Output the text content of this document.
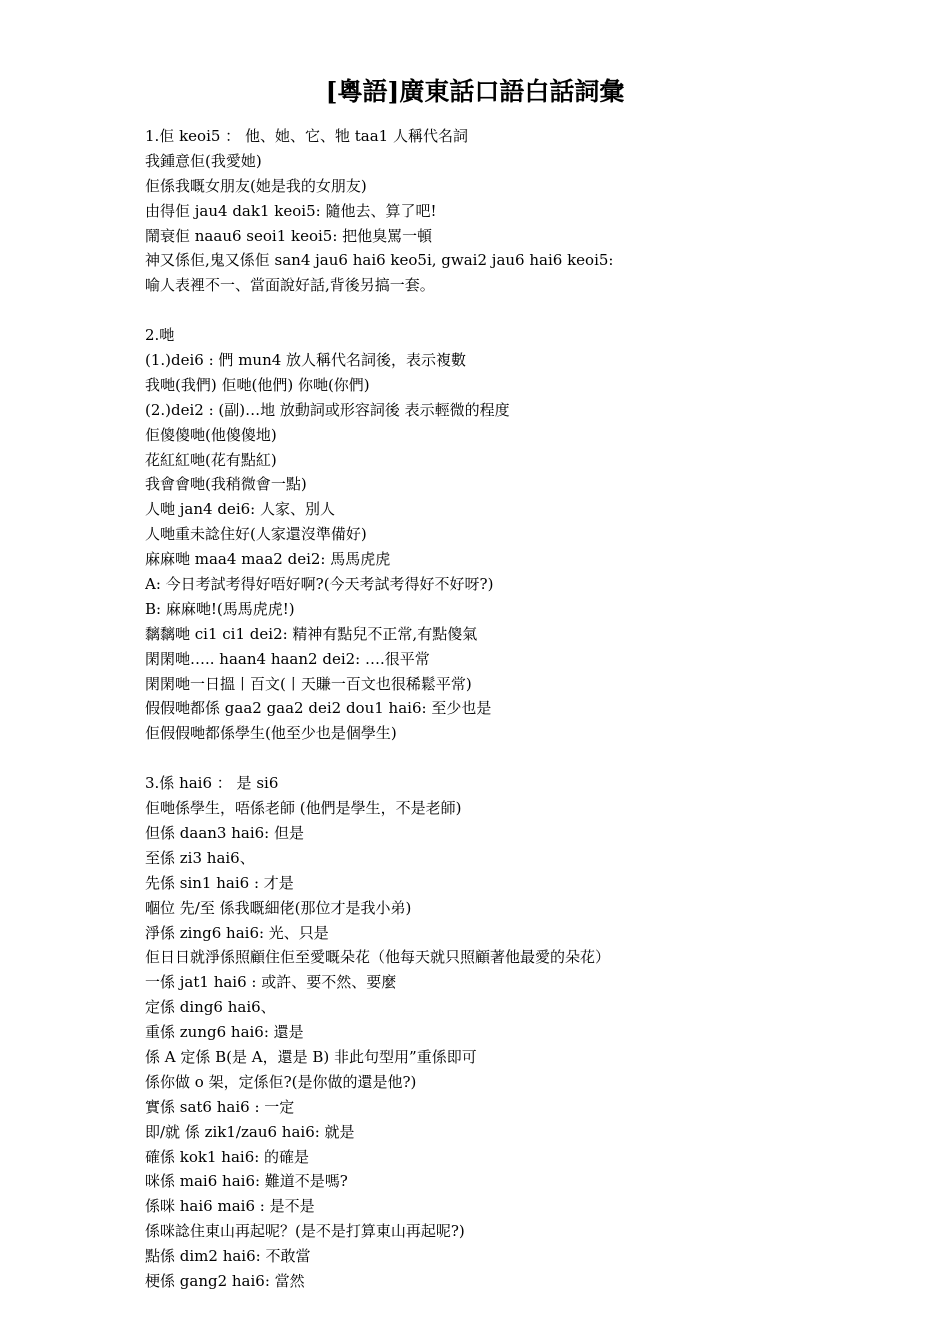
[粵語]廣東話口語白話詞彙
1.佢 keoi5 ： 他、她、它、牠 taa1 人稱代名詞
我鍾意佢(我愛她)
佢係我嘅女朋友(她是我的女朋友)
由得佢 jau4 dak1 keoi5: 隨他去、算了吧!
鬧衰佢 naau6 seoi1 keoi5: 把他臭罵一頓
神又係佢,鬼又係佢 san4 jau6 hai6 keo5i, gwai2 jau6 hai6 keoi5:
喻人表裡不一、當面說好話,背後另搞一套。
2.哋
(1.)dei6 : 們 mun4 放人稱代名詞後，表示複數
我哋(我們) 佢哋(他們) 你哋(你們)
(2.)dei2 : (副)…地 放動詞或形容詞後 表示輕微的程度
佢傻傻哋(他傻傻地)
花紅紅哋(花有點紅)
我會會哋(我稍微會一點)
人哋 jan4 dei6: 人家、別人
人哋重未諗住好(人家還沒準備好)
麻麻哋 maa4 maa2 dei2: 馬馬虎虎
A: 今日考試考得好唔好啊?(今天考試考得好不好呀?)
B: 麻麻哋!(馬馬虎虎!)
黐黐哋 ci1 ci1 dei2: 精神有點兒不正常,有點傻氣
閑閑哋….. haan4 haan2 dei2: ….很平常
閑閑哋一日搵丨百文(丨天賺一百文也很稀鬆平常)
假假哋都係 gaa2 gaa2 dei2 dou1 hai6: 至少也是
佢假假哋都係學生(他至少也是個學生)
3.係 hai6 ： 是 si6
佢哋係學生，唔係老師 (他們是學生，不是老師)
但係 daan3 hai6: 但是
至係 zi3 hai6、
先係 sin1 hai6 : 才是
嗰位 先/至 係我嘅細佬(那位才是我小弟)
淨係 zing6 hai6: 光、只是
佢日日就淨係照顧住佢至愛嘅朵花（他每天就只照顧著他最愛的朵花）
一係 jat1 hai6 : 或許、要不然、要麼
定係 ding6 hai6、
重係 zung6 hai6: 還是
係 A 定係 B(是 A，還是 B) 非此句型用”重係即可
係你做 o 架，定係佢?(是你做的還是他?)
實係 sat6 hai6 : 一定
即/就 係 zik1/zau6 hai6: 就是
確係 kok1 hai6: 的確是
咪係 mai6 hai6: 難道不是嗎?
係咪 hai6 mai6 : 是不是
係咪諗住東山再起呢？(是不是打算東山再起呢?)
點係 dim2 hai6: 不敢當
梗係 gang2 hai6: 當然
